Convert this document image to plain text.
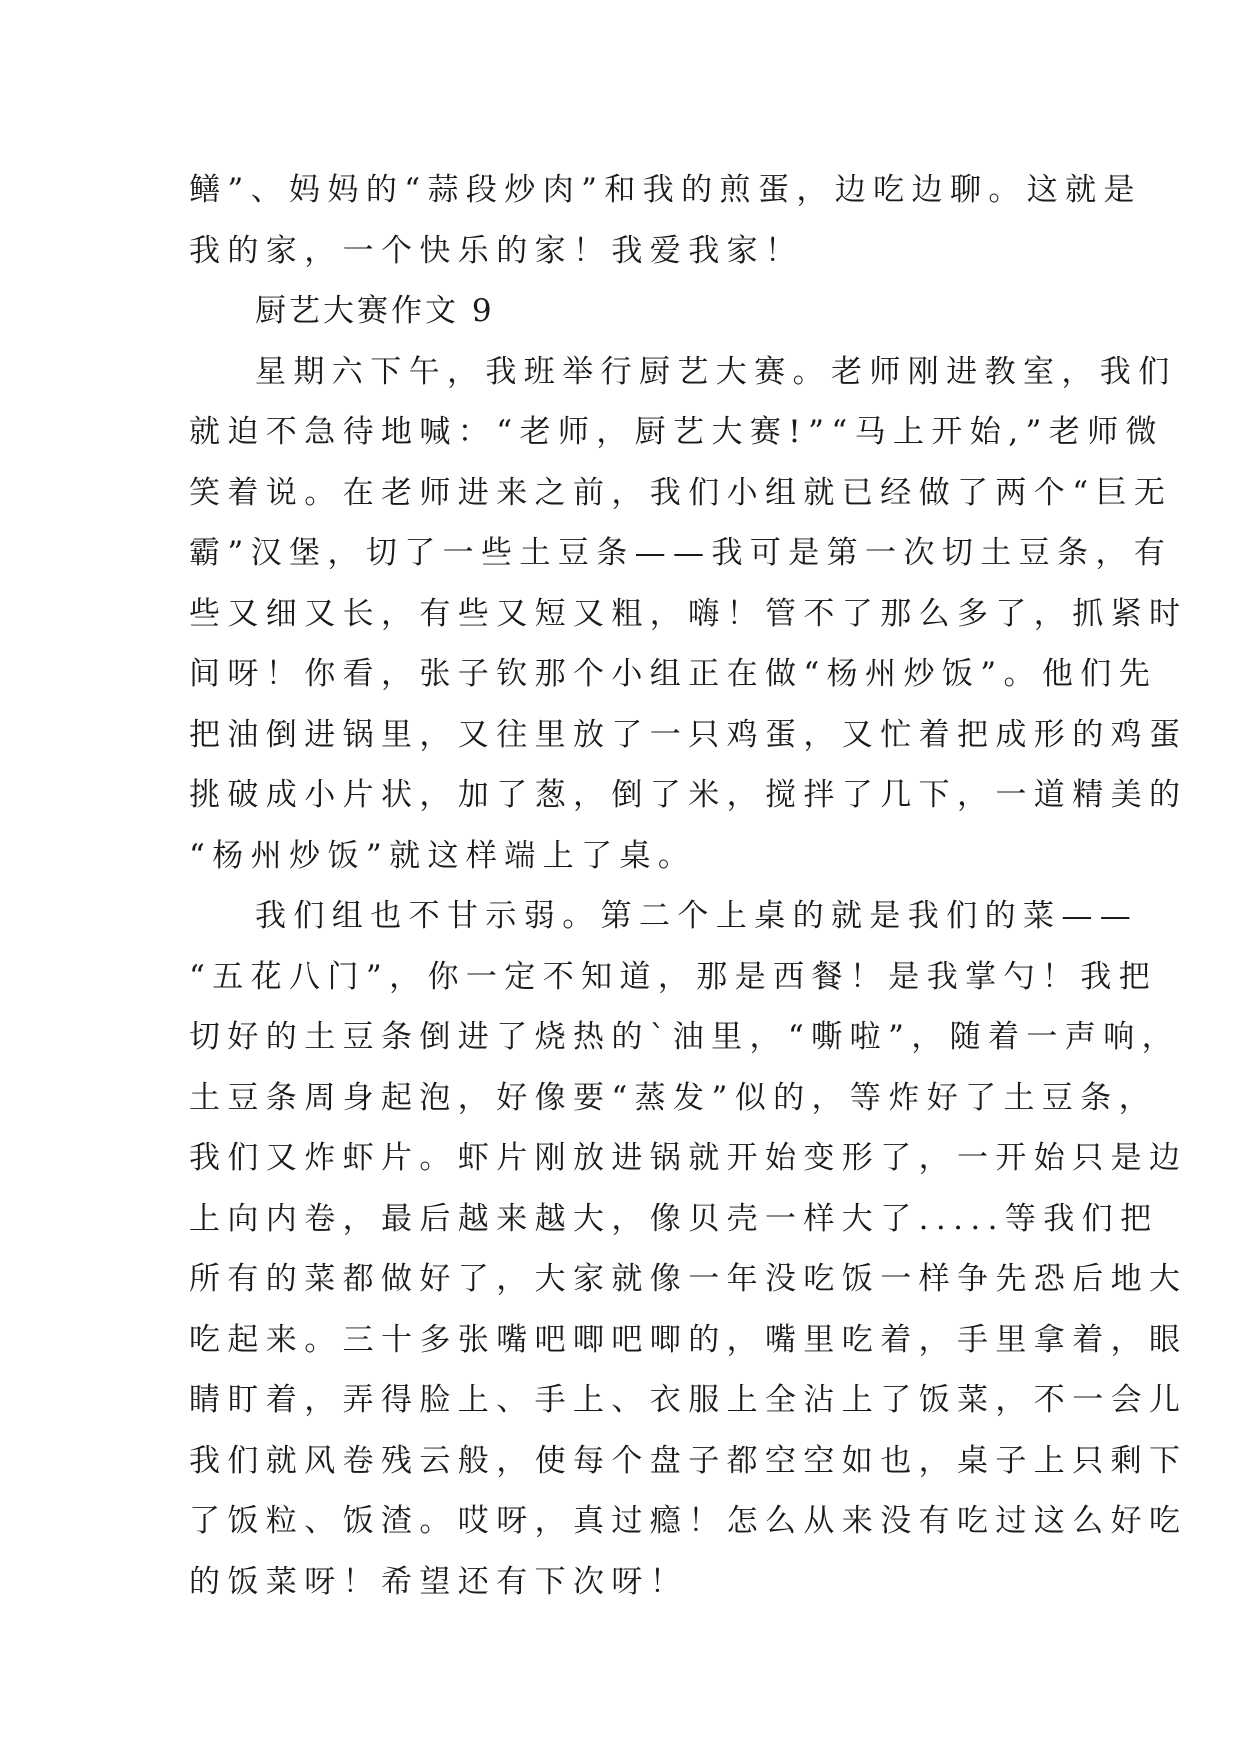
鳝”、妈妈的“蒜段炒肉”和我的煎蛋，边吃边聊。这就是
我的家，一个快乐的家！我爱我家！
厨艺大赛作文 9
星期六下午，我班举行厨艺大赛。老师刚进教室，我们
就迫不急待地喊：“老师，厨艺大赛!”“马上开始,”老师微
笑着说。在老师进来之前，我们小组就已经做了两个“巨无
霸”汉堡，切了一些土豆条——我可是第一次切土豆条，有
些又细又长，有些又短又粗，嗨！管不了那么多了，抓紧时
间呀！你看，张子钦那个小组正在做“杨州炒饭”。他们先
把油倒进锅里，又往里放了一只鸡蛋，又忙着把成形的鸡蛋
挑破成小片状，加了葱，倒了米，搅拌了几下，一道精美的
“杨州炒饭”就这样端上了桌。
我们组也不甘示弱。第二个上桌的就是我们的菜——
“五花八门”，你一定不知道，那是西餐！是我掌勺！我把
切好的土豆条倒进了烧热的`油里，“嘶啦”，随着一声响，
土豆条周身起泡，好像要“蒸发”似的，等炸好了土豆条，
我们又炸虾片。虾片刚放进锅就开始变形了，一开始只是边
上向内卷，最后越来越大，像贝壳一样大了.....等我们把
所有的菜都做好了，大家就像一年没吃饭一样争先恐后地大
吃起来。三十多张嘴吧唧吧唧的，嘴里吃着，手里拿着，眼
睛盯着，弄得脸上、手上、衣服上全沾上了饭菜，不一会儿
我们就风卷残云般，使每个盘子都空空如也，桌子上只剩下
了饭粒、饭渣。哎呀，真过瘾！怎么从来没有吃过这么好吃
的饭菜呀！希望还有下次呀！
